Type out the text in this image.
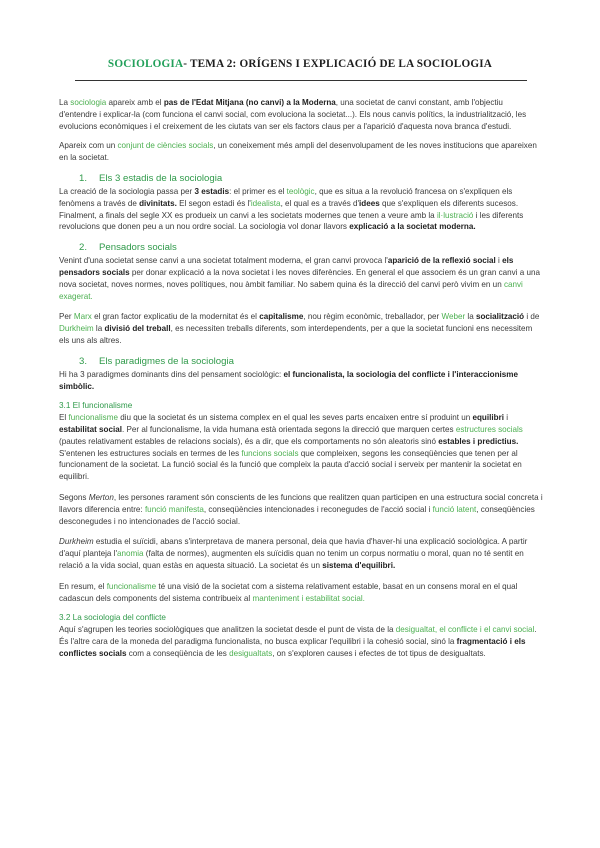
SOCIOLOGIA- TEMA 2: ORÍGENS I EXPLICACIÓ DE LA SOCIOLOGIA

La sociologia apareix amb el pas de l'Edat Mitjana (no canvi) a la Moderna, una societat de canvi constant, amb l'objectiu d'entendre i explicar-la (com funciona el canvi social, com evoluciona la societat...). Els nous canvis polítics, la industrialització, les evolucions econòmiques i el creixement de les ciutats van ser els factors claus per a l'aparició d'aquesta nova branca d'estudi.

Apareix com un conjunt de ciències socials, un coneixement més ampli del desenvolupament de les noves institucions que apareixen en la societat.

1. Els 3 estadis de la sociologia

La creació de la sociologia passa per 3 estadis: el primer es el teològic, que es situa a la revolució francesa on s'expliquen els fenòmens a través de divinitats. El segon estadi és l'idealista, el qual es a través d'idees que s'expliquen els diferents sucesos. Finalment, a finals del segle XX es produeix un canvi a les societats modernes que tenen a veure amb la il·lustració i les diferents revolucions que donen peu a un nou ordre social. La sociologia vol donar llavors explicació a la societat moderna.

2. Pensadors socials

Venint d'una societat sense canvi a una societat totalment moderna, el gran canvi provoca l'aparició de la reflexió social i els pensadors socials per donar explicació a la nova societat i les noves diferències. En general el que associem és un gran canvi a una nova societat, noves normes, noves polítiques, nou àmbit familiar. No sabem quina és la direcció del canvi però vivim en un canvi exagerat.

Per Marx el gran factor explicatiu de la modernitat és el capitalisme, nou règim econòmic, treballador, per Weber la socialització i de Durkheim la divisió del treball, es necessiten treballs diferents, som interdependents, per a que la societat funcioni ens necessitem els uns als altres.

3. Els paradigmes de la sociologia

Hi ha 3 paradigmes dominants dins del pensament sociològic: el funcionalista, la sociologia del conflicte i l'interaccionisme simbòlic.

3.1 El funcionalisme

El funcionalisme diu que la societat és un sistema complex en el qual les seves parts encaixen entre sí produint un equilibri i estabilitat social. Per al funcionalisme, la vida humana està orientada segons la direcció que marquen certes estructures socials (pautes relativament estables de relacions socials), és a dir, que els comportaments no són aleatoris sinó estables i predictius. S'entenen les estructures socials en termes de les funcions socials que compleixen, segons les conseqüències que tenen per al funcionament de la societat. La funció social és la funció que compleix la pauta d'acció social i serveix per mantenir la societat en equilibri.

Segons Merton, les persones rarament són conscients de les funcions que realitzen quan participen en una estructura social concreta i llavors diferencia entre: funció manifesta, conseqüències intencionades i reconegudes de l'acció social i funció latent, conseqüències desconegudes i no intencionades de l'acció social.

Durkheim estudia el suïcidi, abans s'interpretava de manera personal, deia que havia d'haver-hi una explicació sociològica. A partir d'aquí planteja l'anomia (falta de normes), augmenten els suïcidis quan no tenim un corpus normatiu o moral, quan no té sentit en relació a la vida social, quan estàs en aquesta situació. La societat és un sistema d'equilibri.

En resum, el funcionalisme té una visió de la societat com a sistema relativament estable, basat en un consens moral en el qual cadascun dels components del sistema contribueix al manteniment i estabilitat social.

3.2 La sociologia del conflicte

Aquí s'agrupen les teories sociològiques que analitzen la societat desde el punt de vista de la desigualtat, el conflicte i el canvi social. És l'altre cara de la moneda del paradigma funcionalista, no busca explicar l'equilibri i la cohesió social, sinó la fragmentació i els conflictes socials com a conseqüència de les desigualtats, on s'exploren causes i efectes de tot tipus de desigualtats.
